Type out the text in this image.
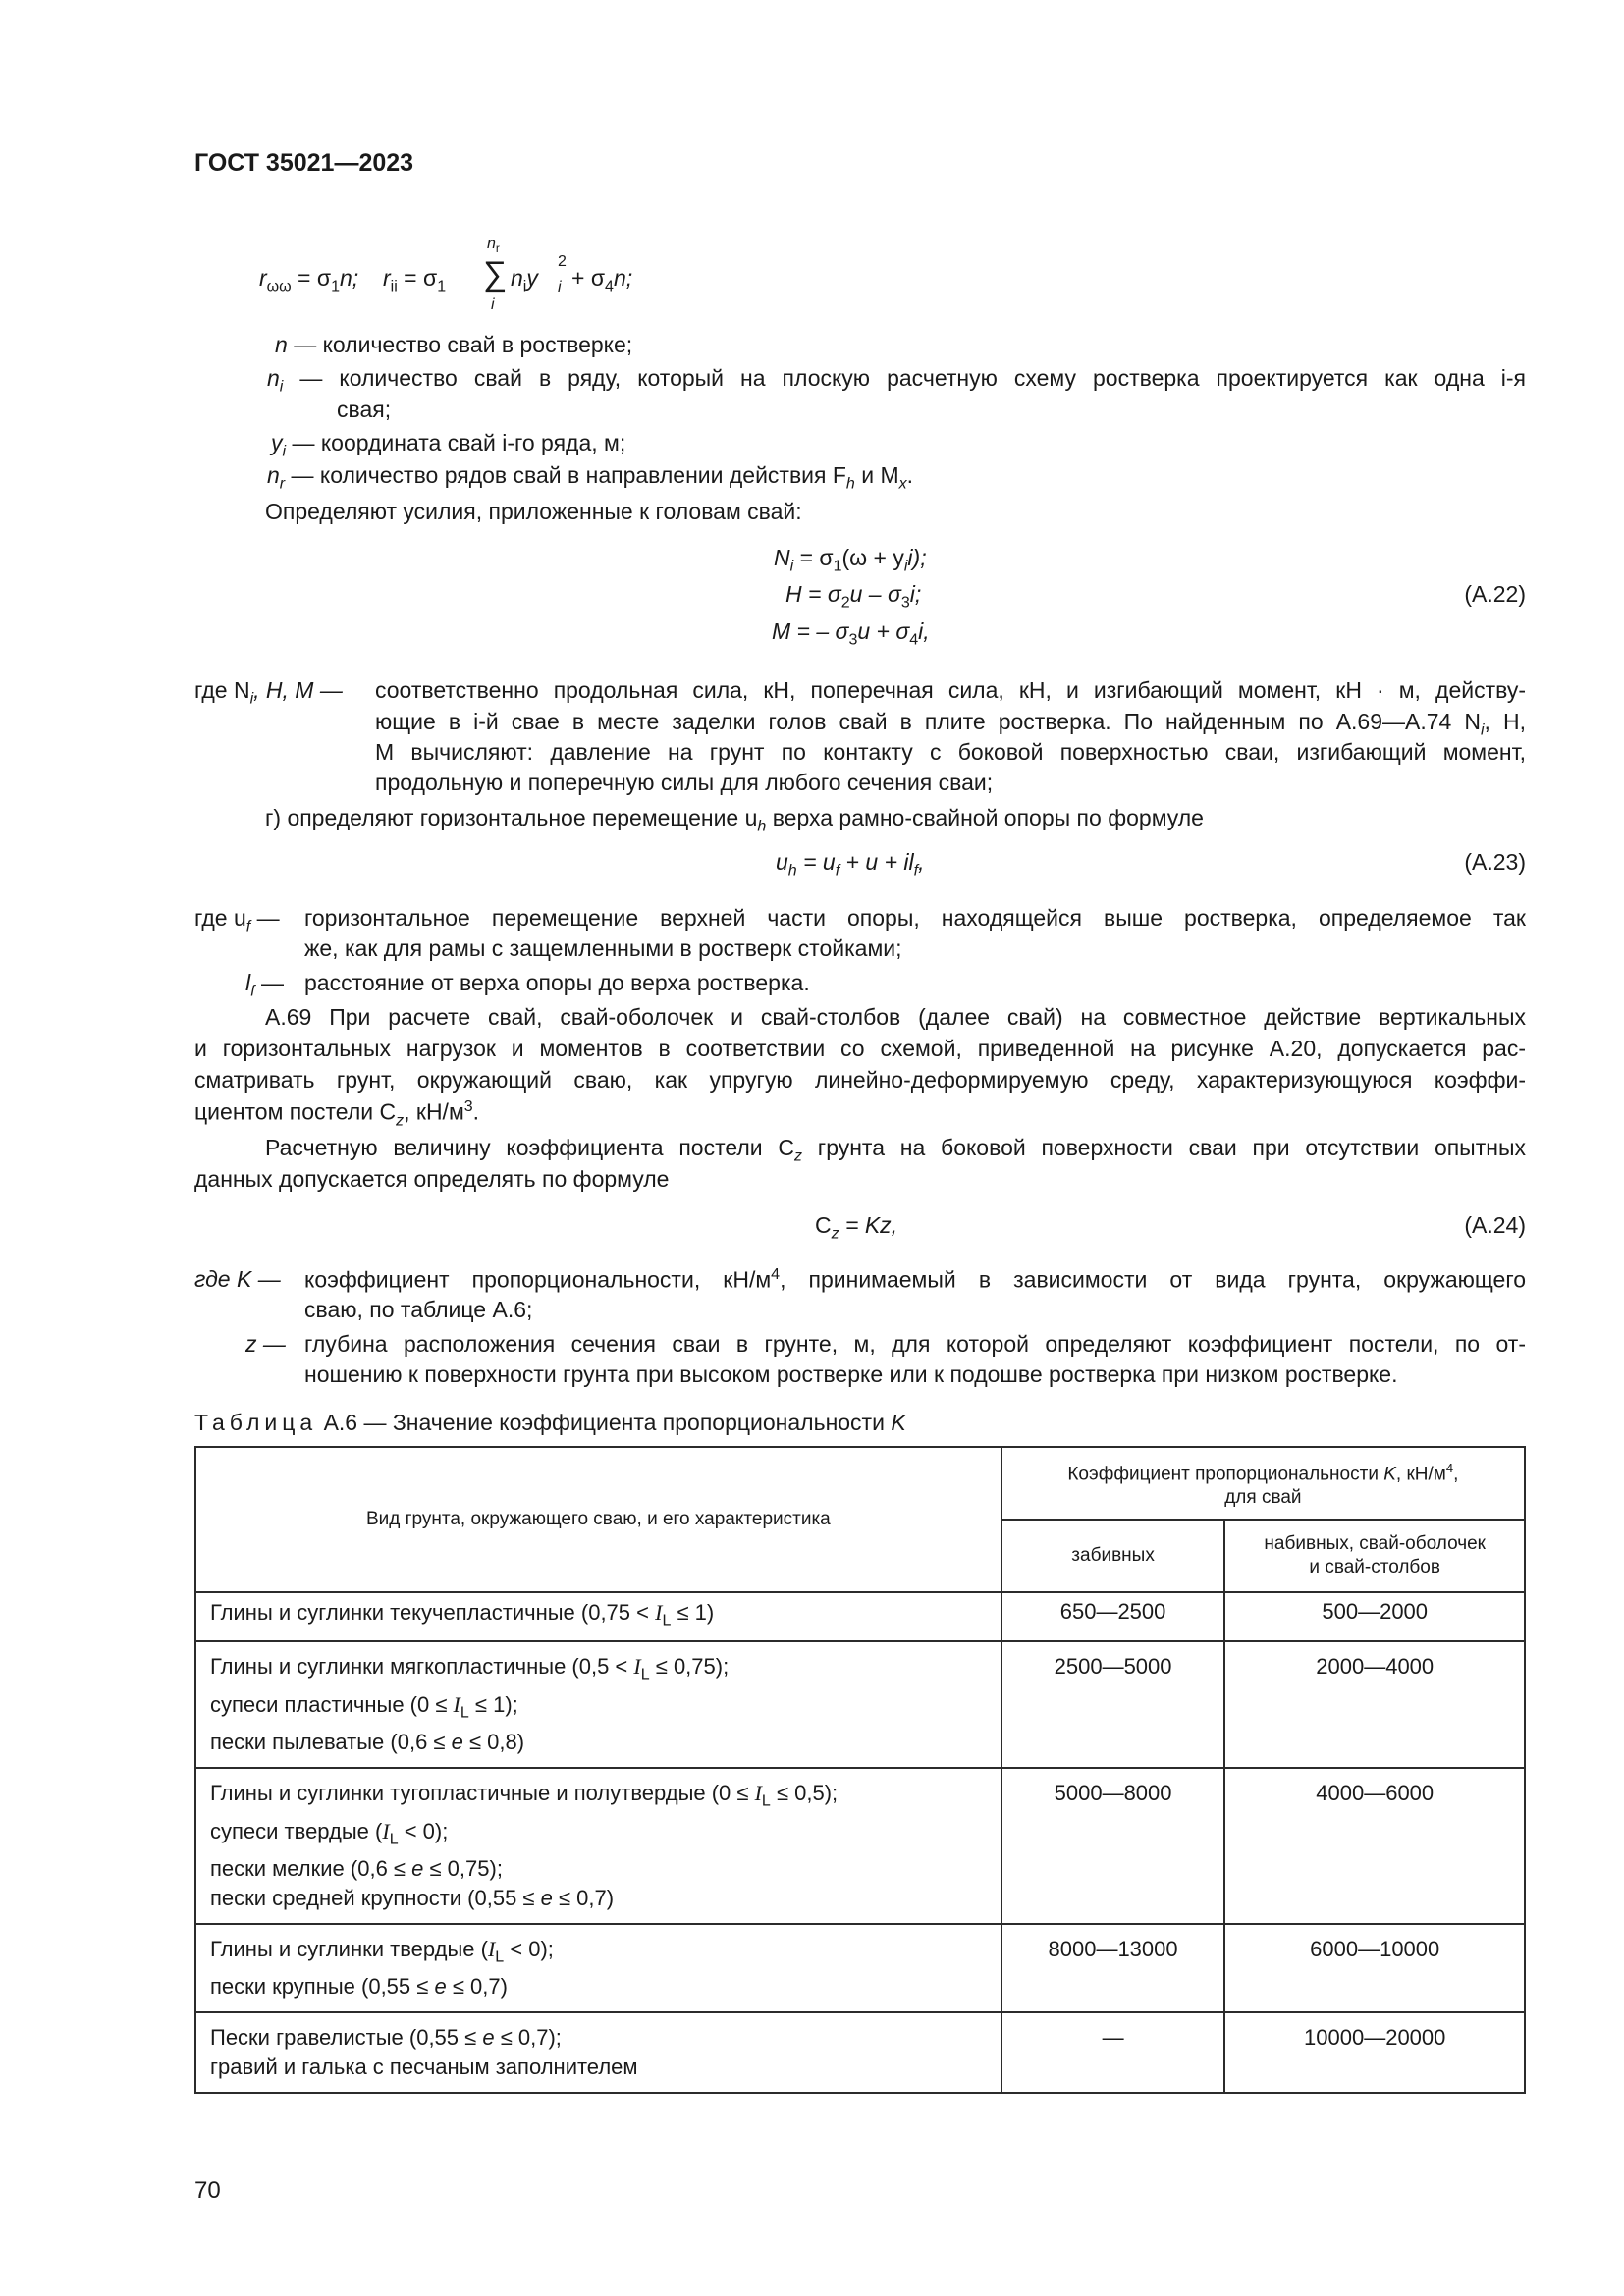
ГОСТ 35021—2023
$r_{\omega\omega} = \sigma_1n$; $r_{ii} = \sigma_1$
$n_r$
∑
i
$n_iy$
2
$i + \sigma_4n$;
n — количество свай в ростверке;
$n_i$ — количество свай в ряду, который на плоскую расчетную схему ростверка проектируется как одна i-я
свая;
$y_i$ — координата свай i-го ряда, м;
$n_r$ — количество рядов свай в направлении действия $F_h$ и $M_x$.
Определяют усилия, приложенные к головам свай:
$N_i = \sigma_1(\omega + y_ii)$;
$H = \sigma_2u - \sigma_3i$;
M = – $\sigma_3u + \sigma_4i$,
(А.22)
где $N_i$, H, M — соответственно продольная сила, кН, поперечная сила, кН, и изгибающий момент, кН · м, действу-
ющие в i-й свае в месте заделки голов свай в плите ростверка. По найденным по А.69—А.74 $N_i$, H,
M вычисляют: давление на грунт по контакту с боковой поверхностью сваи, изгибающий момент,
продольную и поперечную силы для любого сечения сваи;
г) определяют горизонтальное перемещение $u_h$ верха рамно-свайной опоры по формуле
$u_h = u_f + u + il_f$,	(А.23)
где $u_f$ — горизонтальное перемещение верхней части опоры, находящейся выше ростверка, определяемое так
же, как для рамы с защемленными в ростверк стойками;
$l_f$ — расстояние от верха опоры до верха ростверка.
А.69 При расчете свай, свай-оболочек и свай-столбов (далее свай) на совместное действие вертикальных
и горизонтальных нагрузок и моментов в соответствии со схемой, приведенной на рисунке А.20, допускается рас-
сматривать грунт, окружающий сваю, как упругую линейно-деформируемую среду, характеризующуюся коэффи-
циентом постели $C_z$, $кН/м^3$.
Расчетную величину коэффициента постели $C_z$ грунта на боковой поверхности сваи при отсутствии опытных
данных допускается определять по формуле
$C_z = Kz$,	(А.24)
где K — коэффициент пропорциональности, $кН/м^4$, принимаемый в зависимости от вида грунта, окружающего
сваю, по таблице А.6;
z — глубина расположения сечения сваи в грунте, м, для которой определяют коэффициент постели, по от-
ношению к поверхности грунта при высоком ростверке или к подошве ростверка при низком ростверке.
Таблица А.6 — Значение коэффициента пропорциональности K
Вид грунта, окружающего сваю, и его характеристика	Коэффициент пропорциональности K, $кН/м^4$,
для свай	

	забивных	набивных, свай-оболочек
и свай-столбов

Глины и суглинки текучепластичные $(0,75 < I_L \le 1)$	650—2500	500—2000

Глины и суглинки мягкопластичные $(0,5 < I_L \le 0,75)$;
супеси пластичные $(0 \le I_L \le 1)$;
пески пылеватые (0,6 ≤ e ≤ 0,8)	2500—5000	2000—4000

Глины и суглинки тугопластичные и полутвердые $(0 \le I_L \le 0,5)$;
супеси твердые $(I_L < 0)$;
пески мелкие (0,6 ≤ e ≤ 0,75);
пески средней крупности (0,55 ≤ e ≤ 0,7)	5000—8000	4000—6000

Глины и суглинки твердые $(I_L < 0)$;
пески крупные (0,55 ≤ e ≤ 0,7)	8000—13000	6000—10000

Пески гравелистые (0,55 ≤ e ≤ 0,7);
гравий и галька с песчаным заполнителем	—	10000—20000
70
